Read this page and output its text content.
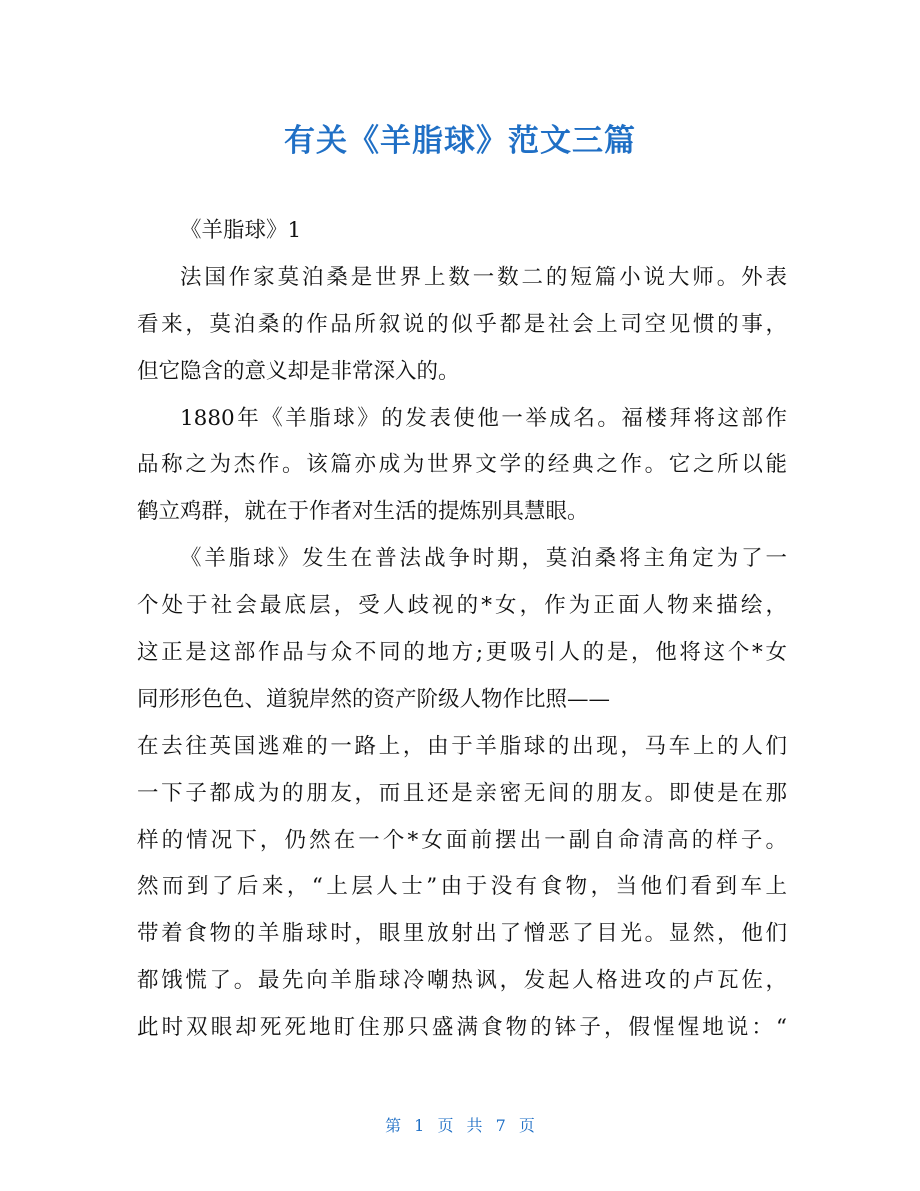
有关《羊脂球》范文三篇
《羊脂球》1
法国作家莫泊桑是世界上数一数二的短篇小说大师。外表
看来，莫泊桑的作品所叙说的似乎都是社会上司空见惯的事，
但它隐含的意义却是非常深入的。
1880年《羊脂球》的发表使他一举成名。福楼拜将这部作
品称之为杰作。该篇亦成为世界文学的经典之作。它之所以能
鹤立鸡群，就在于作者对生活的提炼别具慧眼。
《羊脂球》发生在普法战争时期，莫泊桑将主角定为了一
个处于社会最底层，受人歧视的*女，作为正面人物来描绘，
这正是这部作品与众不同的地方;更吸引人的是，他将这个*女
同形形色色、道貌岸然的资产阶级人物作比照——
在去往英国逃难的一路上，由于羊脂球的出现，马车上的人们
一下子都成为的朋友，而且还是亲密无间的朋友。即使是在那
样的情况下，仍然在一个*女面前摆出一副自命清高的样子。
然而到了后来，“上层人士”由于没有食物，当他们看到车上
带着食物的羊脂球时，眼里放射出了憎恶了目光。显然，他们
都饿慌了。最先向羊脂球冷嘲热讽，发起人格进攻的卢瓦佐，
此时双眼却死死地盯住那只盛满食物的钵子，假惺惺地说：“
第 1 页 共 7 页
